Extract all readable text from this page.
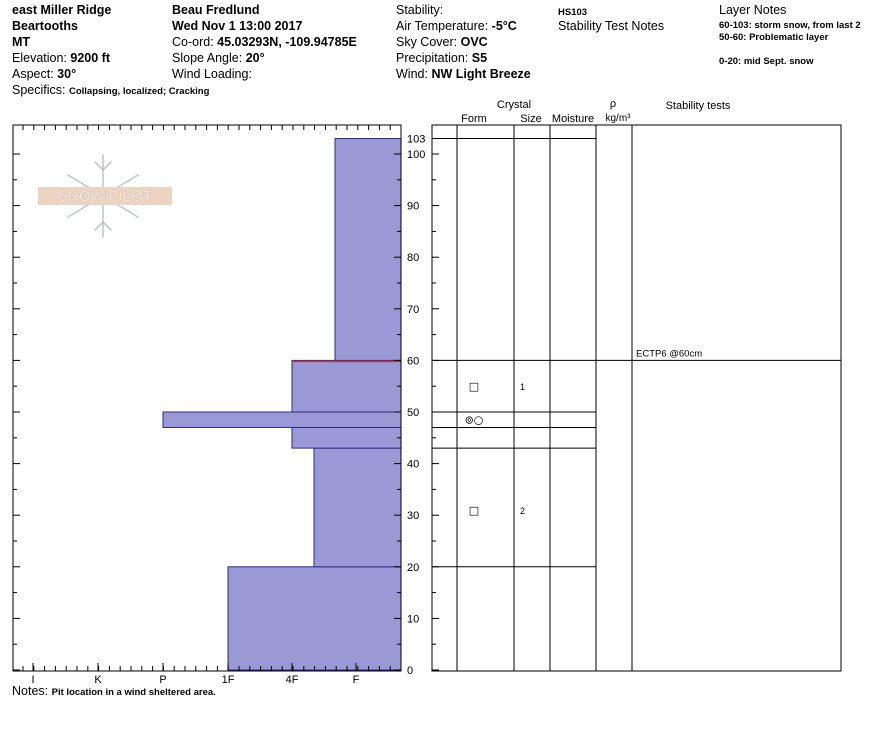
east Miller Ridge
Beartooths
MT
Elevation: 9200 ft
Aspect: 30°
Specifics: Collapsing, localized; Cracking
Beau Fredlund
Wed Nov 1 13:00 2017
Co-ord: 45.03293N, -109.94785E
Slope Angle: 20°
Wind Loading:
Stability:
Air Temperature: -5°C
Sky Cover: OVC
Precipitation: S5
Wind: NW Light Breeze
HS103
Stability Test Notes
Layer Notes
60-103: storm snow, from last 2
50-60: Problematic layer
0-20: mid Sept. snow
SNOW PILOT
0
10
20
30
40
50
60
70
80
90
100
103
I	K	P	1F	4F	F
□	1
⊚○
□	2
ECTP6 @60cm
Crystal
Form	Size Moisture
ρ
kg/m³
Stability tests
Notes: Pit location in a wind sheltered area.
